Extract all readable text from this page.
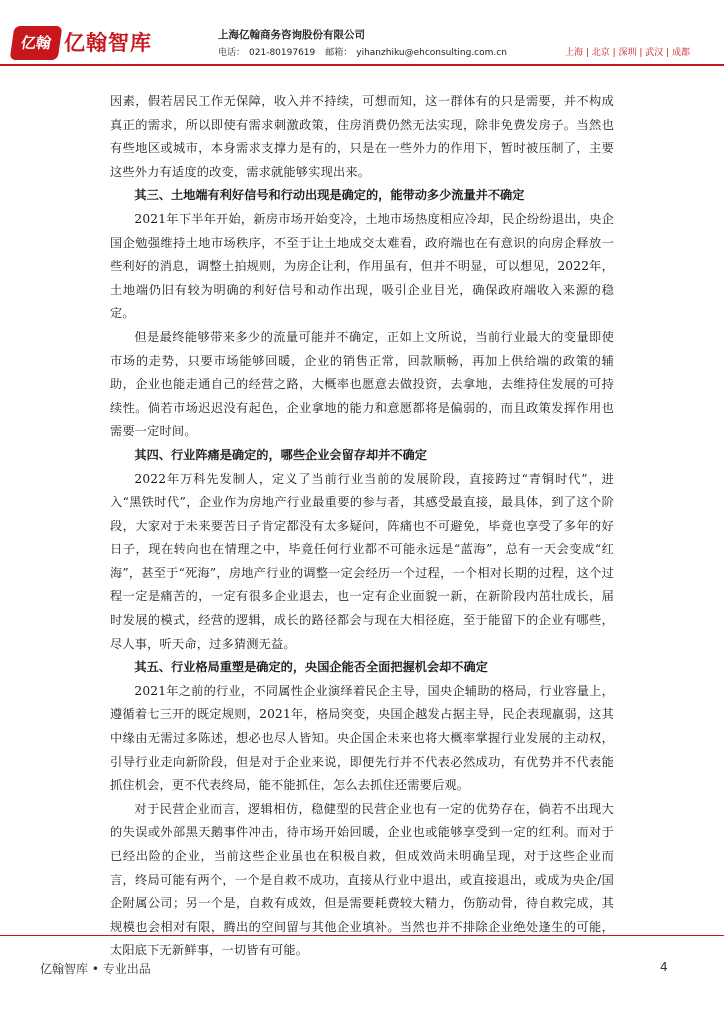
亿翰 亿翰智库	上海亿翰商务咨询股份有限公司
电话： 021-80197619 邮箱： yihanzhiku@ehconsulting.com.cn	上海 | 北京 | 深圳 | 武汉 | 成都

因素，假若居民工作无保障，收入并不持续，可想而知，这一群体有的只是需要，并不构成真正的需求，所以即使有需求刺激政策，住房消费仍然无法实现，除非免费发房子。当然也有些地区或城市，本身需求支撑力是有的，只是在一些外力的作用下，暂时被压制了，主要这些外力有适度的改变，需求就能够实现出来。

其三、土地端有利好信号和行动出现是确定的，能带动多少流量并不确定

2021年下半年开始，新房市场开始变冷，土地市场热度相应冷却，民企纷纷退出，央企国企勉强维持土地市场秩序，不至于让土地成交太难看，政府端也在有意识的向房企释放一些利好的消息，调整土拍规则，为房企让利，作用虽有，但并不明显，可以想见，2022年，土地端仍旧有较为明确的利好信号和动作出现，吸引企业目光，确保政府端收入来源的稳定。

但是最终能够带来多少的流量可能并不确定，正如上文所说，当前行业最大的变量即使市场的走势，只要市场能够回暖，企业的销售正常，回款顺畅，再加上供给端的政策的辅助，企业也能走通自己的经营之路，大概率也愿意去做投资，去拿地，去维持住发展的可持续性。倘若市场迟迟没有起色，企业拿地的能力和意愿都将是偏弱的，而且政策发挥作用也需要一定时间。

其四、行业阵痛是确定的，哪些企业会留存却并不确定

2022年万科先发制人，定义了当前行业当前的发展阶段，直接跨过“青铜时代”，进入“黑铁时代”，企业作为房地产行业最重要的参与者，其感受最直接，最具体，到了这个阶段，大家对于未来要苦日子肯定都没有太多疑问，阵痛也不可避免，毕竟也享受了多年的好日子，现在转向也在情理之中，毕竟任何行业都不可能永远是“蓝海”，总有一天会变成“红海”，甚至于“死海”，房地产行业的调整一定会经历一个过程，一个相对长期的过程，这个过程一定是痛苦的，一定有很多企业退去，也一定有企业面貌一新，在新阶段内茁壮成长，届时发展的模式，经营的逻辑，成长的路径都会与现在大相径庭，至于能留下的企业有哪些，尽人事，听天命，过多猜测无益。

其五、行业格局重塑是确定的，央国企能否全面把握机会却不确定

2021年之前的行业，不同属性企业演绎着民企主导，国央企辅助的格局，行业容量上，遵循着七三开的既定规则，2021年，格局突变，央国企越发占据主导，民企表现羸弱，这其中缘由无需过多陈述，想必也尽人皆知。央企国企未来也将大概率掌握行业发展的主动权，引导行业走向新阶段，但是对于企业来说，即便先行并不代表必然成功，有优势并不代表能抓住机会，更不代表终局，能不能抓住，怎么去抓住还需要后观。

对于民营企业而言，逻辑相仿，稳健型的民营企业也有一定的优势存在，倘若不出现大的失误或外部黑天鹅事件冲击，待市场开始回暖，企业也或能够享受到一定的红利。而对于已经出险的企业，当前这些企业虽也在积极自救，但成效尚未明确呈现，对于这些企业而言，终局可能有两个，一个是自救不成功，直接从行业中退出，或直接退出，或成为央企/国企附属公司；另一个是，自救有成效，但是需要耗费较大精力，伤筋动骨，待自救完成，其规模也会相对有限，腾出的空间留与其他企业填补。当然也并不排除企业绝处逢生的可能，太阳底下无新鲜事，一切皆有可能。

亿翰智库 • 专业出品	4
